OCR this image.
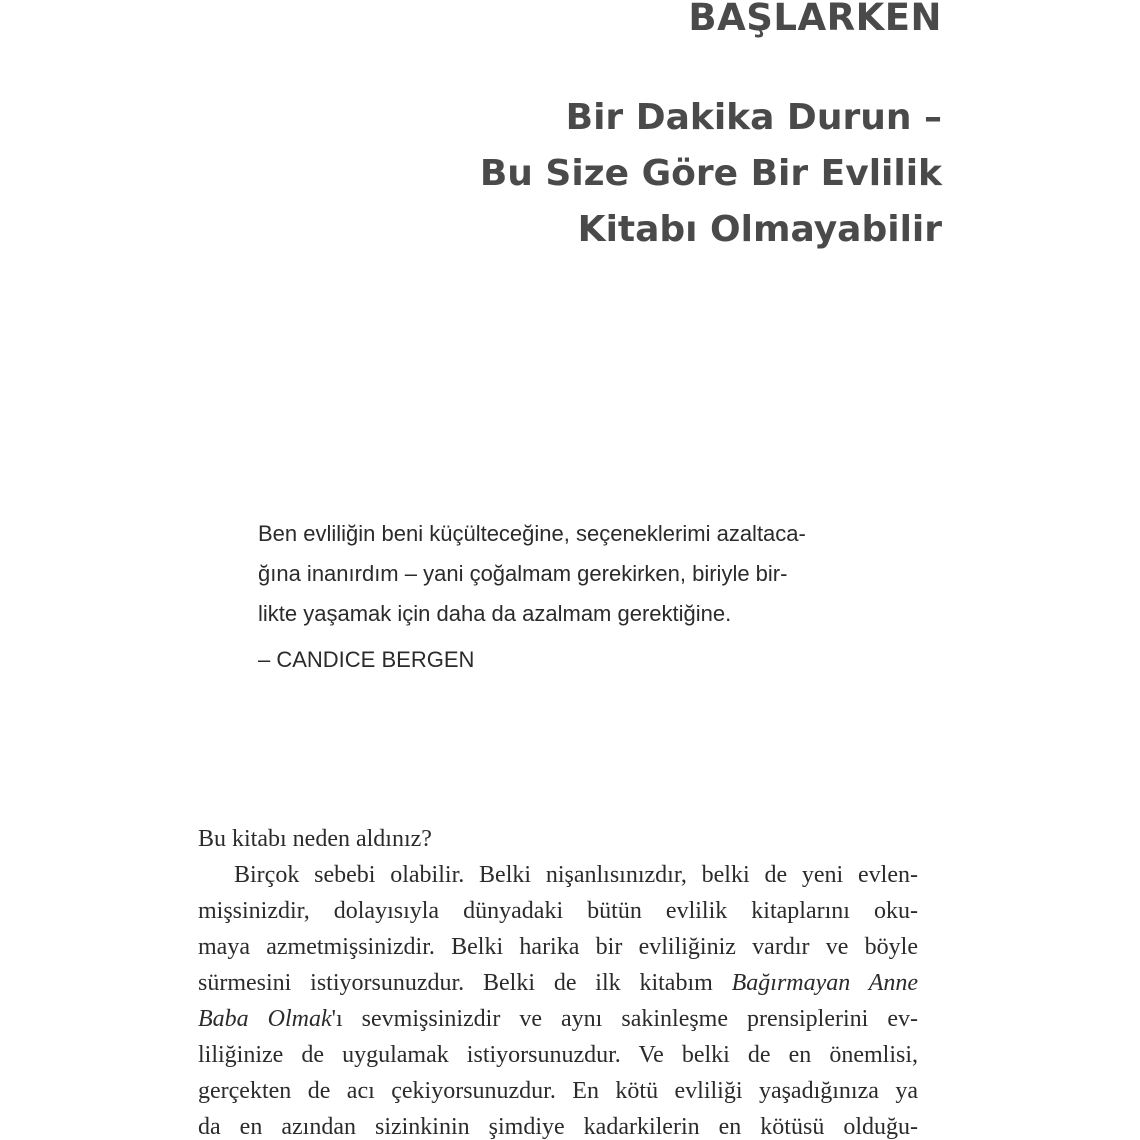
BAŞLARKEN
Bir Dakika Durun –
Bu Size Göre Bir Evlilik
Kitabı Olmayabilir
Ben evliliğin beni küçülteceğine, seçeneklerimi azaltaca-
ğına inanırdım – yani çoğalmam gerekirken, biriyle bir-
likte yaşamak için daha da azalmam gerektiğine.
– CANDICE BERGEN
Bu kitabı neden aldınız?
Birçok sebebi olabilir. Belki nişanlısınızdır, belki de yeni evlen-
mişsinizdir, dolayısıyla dünyadaki bütün evlilik kitaplarını oku-
maya azmetmişsinizdir. Belki harika bir evliliğiniz vardır ve böyle
sürmesini istiyorsunuzdur. Belki de ilk kitabım Bağırmayan Anne
Baba Olmak'ı sevmişsinizdir ve aynı sakinleşme prensiplerini ev-
liliğinize de uygulamak istiyorsunuzdur. Ve belki de en önemlisi,
gerçekten de acı çekiyorsunuzdur. En kötü evliliği yaşadığınıza ya
da en azından sizinkinin şimdiye kadarkilerin en kötüsü olduğu-
